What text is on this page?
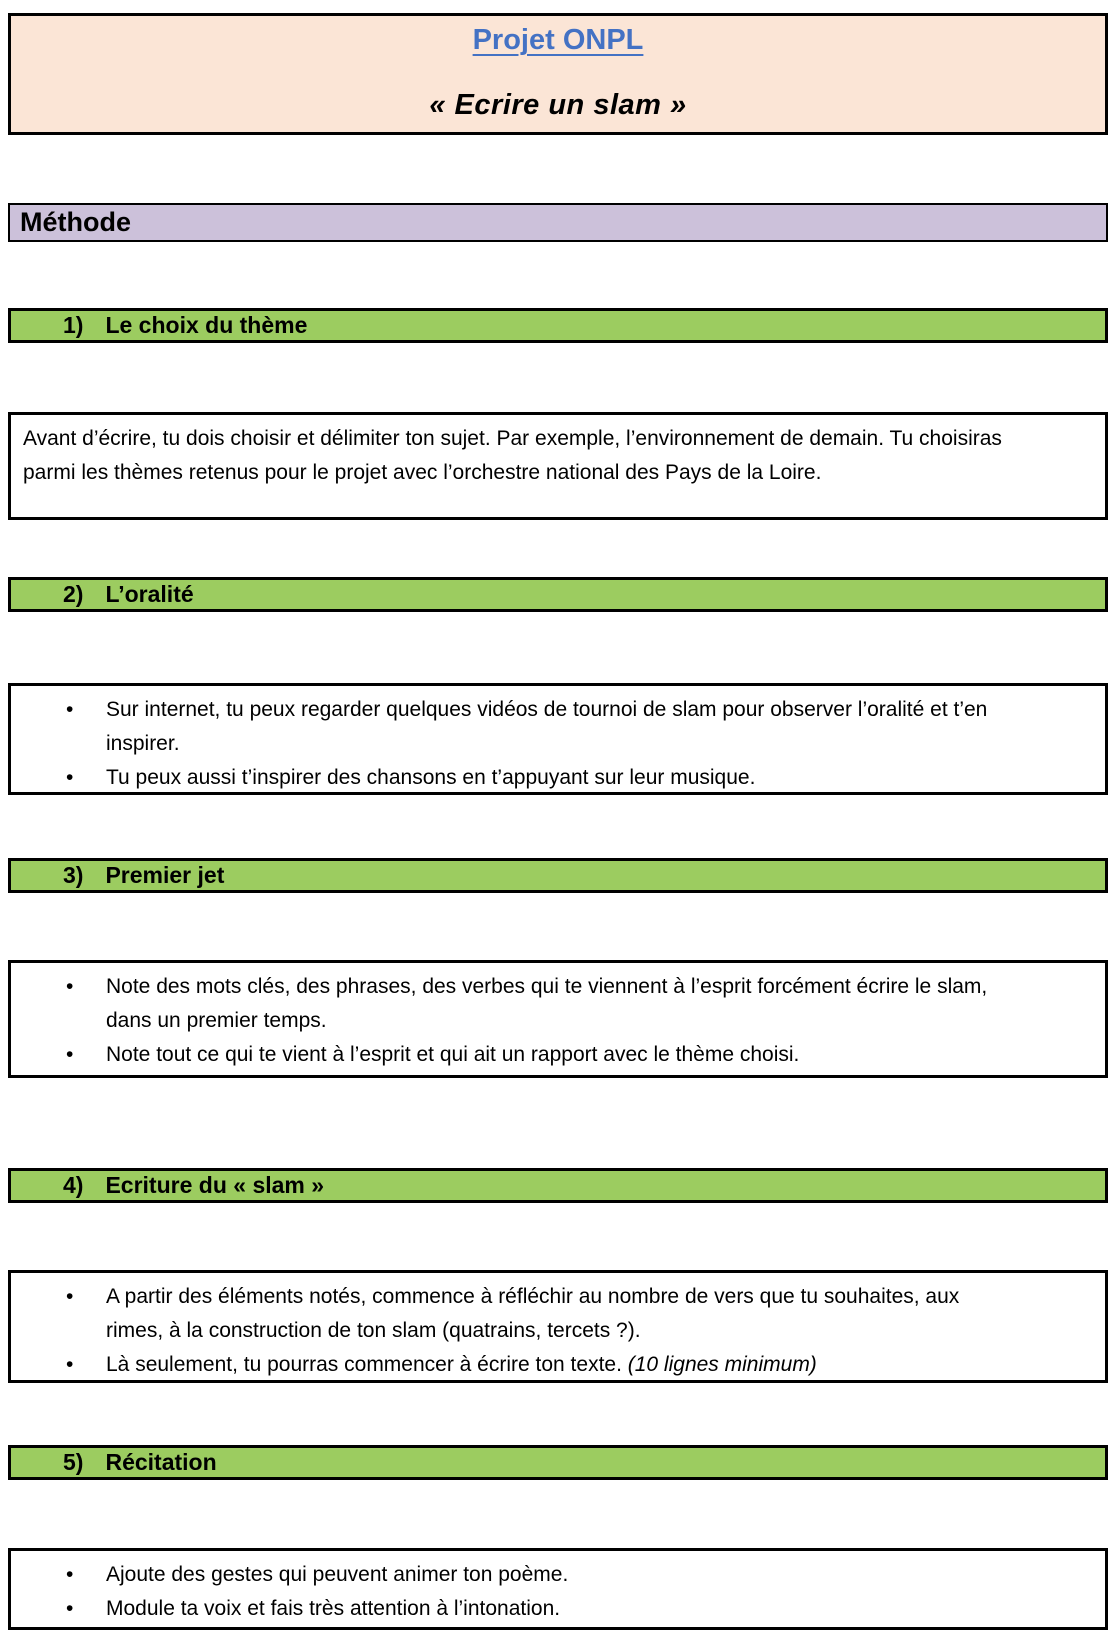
Projet ONPL
« Ecrire un slam »
Méthode
1) Le choix du thème
Avant d’écrire, tu dois choisir et délimiter ton sujet. Par exemple, l’environnement de demain. Tu choisiras parmi les thèmes retenus pour le projet avec l’orchestre national des Pays de la Loire.
2) L’oralité
•	Sur internet, tu peux regarder quelques vidéos de tournoi de slam pour observer l’oralité et t’en inspirer.
•	Tu peux aussi t’inspirer des chansons en t’appuyant sur leur musique.
3) Premier jet
•	Note des mots clés, des phrases, des verbes qui te viennent à l’esprit forcément écrire le slam, dans un premier temps.
•	Note tout ce qui te vient à l’esprit et qui ait un rapport avec le thème choisi.
4) Ecriture du « slam »
•	A partir des éléments notés, commence à réfléchir au nombre de vers que tu souhaites, aux rimes, à la construction de ton slam (quatrains, tercets ?).
•	Là seulement, tu pourras commencer à écrire ton texte. (10 lignes minimum)
5) Récitation
•	Ajoute des gestes qui peuvent animer ton poème.
•	Module ta voix et fais très attention à l’intonation.
